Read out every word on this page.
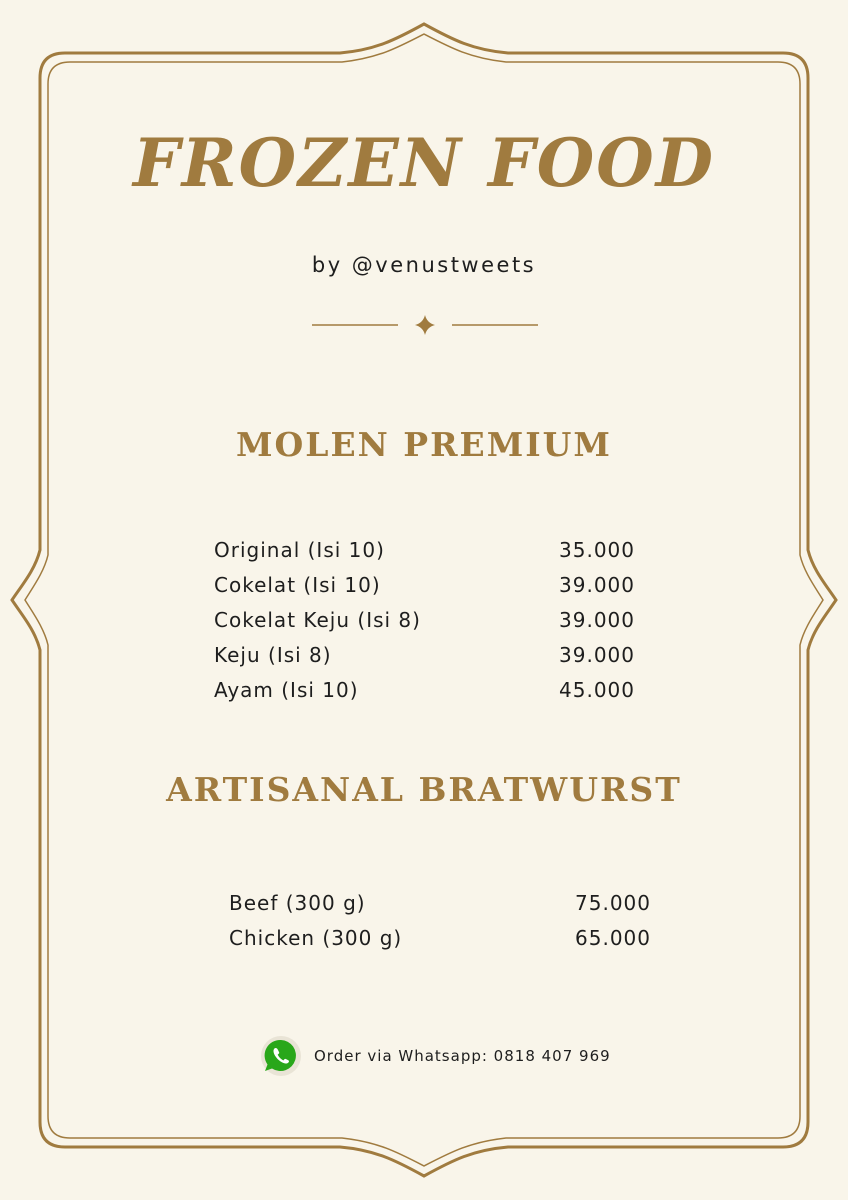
FROZEN FOOD
by @venustweets
MOLEN PREMIUM
Original (Isi 10)	35.000
Cokelat (Isi 10)	39.000
Cokelat Keju (Isi 8)	39.000
Keju (Isi 8)	39.000
Ayam (Isi 10)	45.000
ARTISANAL BRATWURST
Beef (300 g)	75.000
Chicken (300 g)	65.000
Order via Whatsapp: 0818 407 969
